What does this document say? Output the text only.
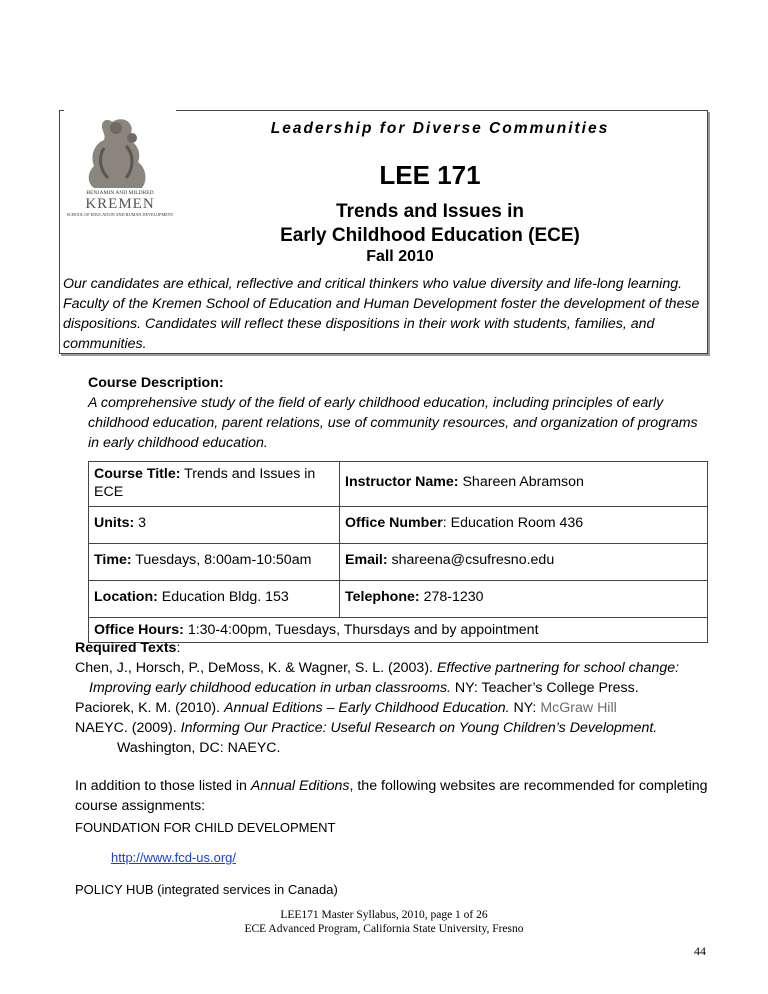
BENJAMIN AND MILDRED
KREMEN
SCHOOL OF EDUCATION AND HUMAN DEVELOPMENT
Leadership for Diverse Communities
LEE 171
Trends and Issues in
Early Childhood Education (ECE)
Fall 2010
Our candidates are ethical, reflective and critical thinkers who value diversity and life-long learning. Faculty of the Kremen School of Education and Human Development foster the development of these dispositions. Candidates will reflect these dispositions in their work with students, families, and communities.
Course Description:
A comprehensive study of the field of early childhood education, including principles of early childhood education, parent relations, use of community resources, and organization of programs in early childhood education.
Course Title: Trends and Issues in ECE	Instructor Name: Shareen Abramson
Units: 3	Office Number: Education Room 436
Time: Tuesdays, 8:00am-10:50am	Email: shareena@csufresno.edu
Location: Education Bldg. 153	Telephone: 278-1230
Office Hours: 1:30-4:00pm, Tuesdays, Thursdays and by appointment	
Required Texts:
Chen, J., Horsch, P., DeMoss, K. & Wagner, S. L. (2003). Effective partnering for school change: Improving early childhood education in urban classrooms. NY: Teacher’s College Press.
Paciorek, K. M. (2010). Annual Editions – Early Childhood Education. NY: McGraw Hill
NAEYC. (2009). Informing Our Practice: Useful Research on Young Children’s Development. Washington, DC: NAEYC.
In addition to those listed in Annual Editions, the following websites are recommended for completing course assignments:
FOUNDATION FOR CHILD DEVELOPMENT
http://www.fcd-us.org/
POLICY HUB (integrated services in Canada)
LEE171 Master Syllabus, 2010, page 1 of 26
ECE Advanced Program, California State University, Fresno
44
